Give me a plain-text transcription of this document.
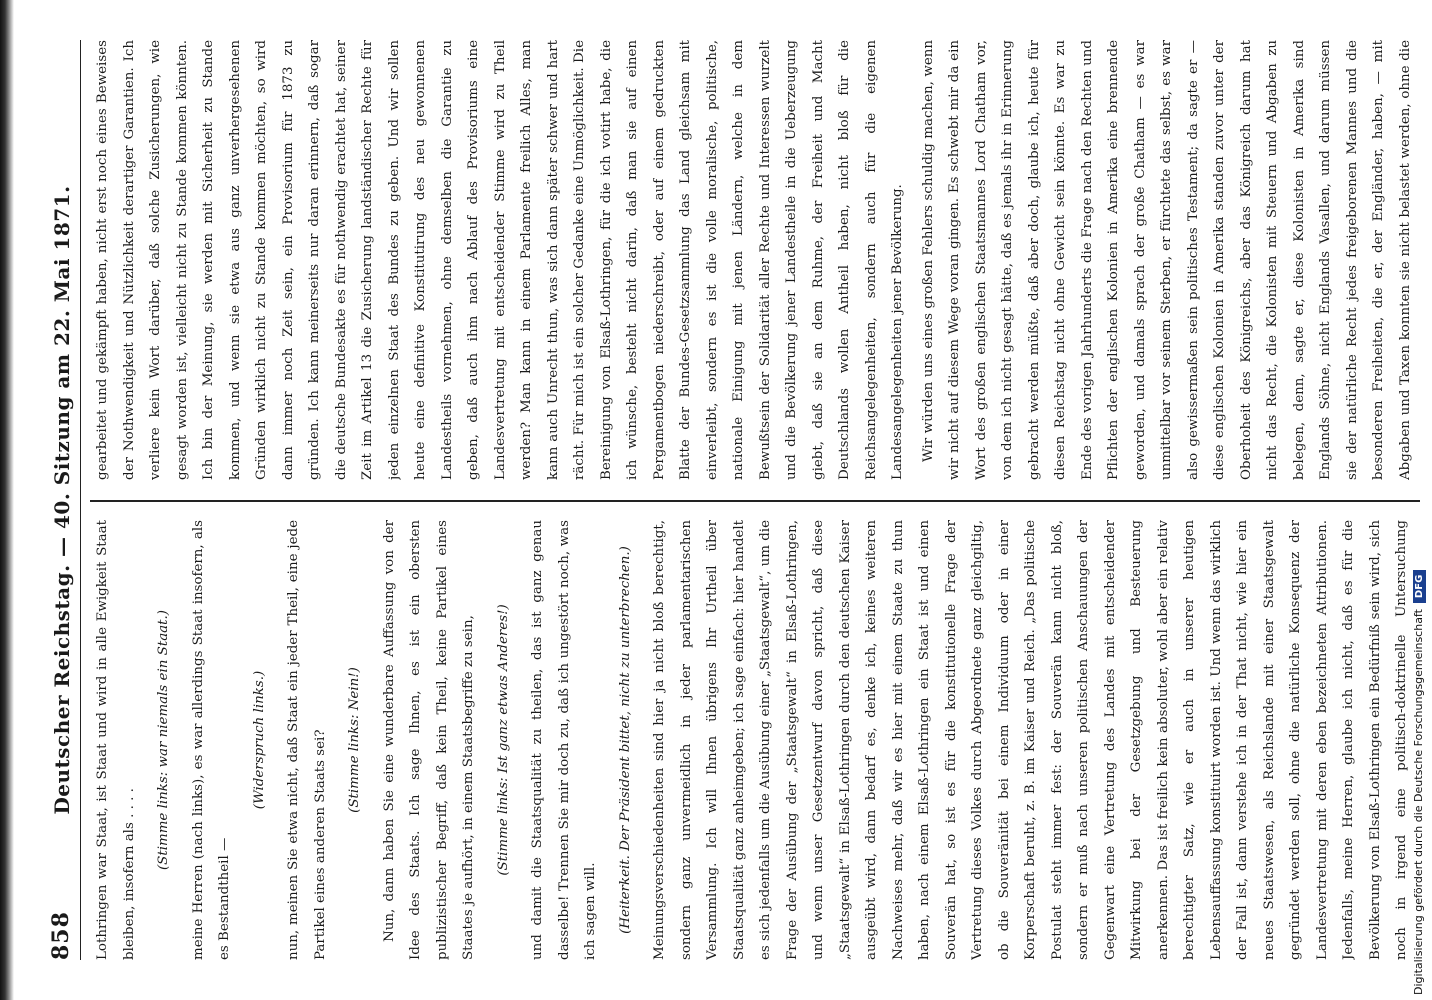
858
Deutscher Reichstag. — 40. Sitzung am 22. Mai 1871.	Lothringen war Staat, ist Staat und wird in alle Ewigkeit Staat bleiben, insofern als . . . .

(Stimme links: war niemals ein Staat.)	meine Herren (nach links), es war allerdings Staat insofern, als es Bestandtheil —

(Widerspruch links.)	nun, meinen Sie etwa nicht, daß Staat ein jeder Theil, eine jede Partikel eines anderen Staats sei?	(Stimme links: Nein!)	Nun, dann haben Sie eine wunderbare Auffassung von der Idee des Staats. Ich sage Ihnen, es ist ein obersten publizistischer Begriff, daß kein Theil, keine Partikel eines Staates je aufhört, in einem Staatsbegriffe zu sein,	(Stimme links: Ist ganz etwas Anderes!)	und damit die Staatsqualität zu theilen, das ist ganz genau dasselbe! Trennen Sie mir doch zu, daß ich ungestört noch, was ich sagen will.	(Heiterkeit. Der Präsident bittet, nicht zu unterbrechen.)	Meinungsverschiedenheiten sind hier ja nicht bloß berechtigt, sondern ganz unvermeidlich in jeder parlamentarischen Versammlung. Ich will Ihnen übrigens Ihr Urtheil über Staatsqualität ganz anheimgeben; ich sage einfach: hier handelt es sich jedenfalls um die Ausübung einer „Staatsgewalt“, um die Frage der Ausübung der „Staatsgewalt“ in Elsaß-Lothringen, und wenn unser Gesetzentwurf davon spricht, daß diese „Staatsgewalt“ in Elsaß-Lothringen durch den deutschen Kaiser ausgeübt wird, dann bedarf es, denke ich, keines weiteren Nachweises mehr, daß wir es hier mit einem Staate zu thun haben, nach einem Elsaß-Lothringen ein Staat ist und einen Souverän hat, so ist es für die konstitutionelle Frage der Vertretung dieses Volkes durch Abgeordnete ganz gleichgiltig, ob die Souveränität bei einem Individuum oder in einer Korperschaft beruht, z. B. im Kaiser und Reich. „Das politische Postulat steht immer fest: der Souverän kann nicht bloß, sondern er muß nach unseren politischen Anschauungen der Gegenwart eine Vertretung des Landes mit entscheidender Mitwirkung bei der Gesetzgebung und Besteuerung anerkennen. Das ist freilich kein absoluter, wohl aber ein relativ berechtigter Satz, wie er auch in unserer heutigen Lebensauffassung konstituirt worden ist. Und wenn das wirklich der Fall ist, dann verstehe ich in der That nicht, wie hier ein neues Staatswesen, als Reichslande mit einer Staatsgewalt gegründet werden soll, ohne die natürliche Konsequenz der Landesvertretung mit deren eben bezeichneten Attributionen. Jedenfalls, meine Herren, glaube ich nicht, daß es für die Bevölkerung von Elsaß-Lothringen ein Bedürfniß sein wird, sich noch in irgend eine politisch-doktrinelle Untersuchung

gearbeitet und gekämpft haben, nicht erst noch eines Beweises der Nothwendigkeit und Nützlichkeit derartiger Garantien. Ich verliere kein Wort darüber, daß solche Zusicherungen, wie gesagt worden ist, vielleicht nicht zu Stande kommen könnten. Ich bin der Meinung, sie werden mit Sicherheit zu Stande kommen, und wenn sie etwa aus ganz unverhergesehenen Gründen wirklich nicht zu Stande kommen möchten, so wird dann immer noch Zeit sein, ein Provisorium für 1873 zu gründen. Ich kann meinerseits nur daran erinnern, daß sogar die deutsche Bundesakte es für nothwendig erachtet hat, seiner Zeit im Artikel 13 die Zusicherung landständischer Rechte für jeden einzelnen Staat des Bundes zu geben. Und wir sollen heute eine definitive Konstitutirung des neu gewonnenen Landestheils vornehmen, ohne demselben die Garantie zu geben, daß auch ihm nach Ablauf des Provisoriums eine Landesvertretung mit entscheidender Stimme wird zu Theil werden? Man kann in einem Parlamente freilich Alles, man kann auch Unrecht thun, was sich dann später schwer und hart rächt. Für mich ist ein solcher Gedanke eine Unmöglichkeit. Die Bereinigung von Elsaß-Lothringen, für die ich votirt habe, die ich wünsche, besteht nicht darin, daß man sie auf einen Pergamentbogen niederschreibt, oder auf einem gedruckten Blatte der Bundes-Gesetzsammlung das Land gleichsam mit einverleibt, sondern es ist die volle moralische, politische, nationale Einigung mit jenen Ländern, welche in dem Bewußtsein der Solidarität aller Rechte und Interessen wurzelt und die Bevölkerung jener Landestheile in die Ueberzeugung giebt, daß sie an dem Ruhme, der Freiheit und Macht Deutschlands wollen Antheil haben, nicht bloß für die Reichsangelegenheiten, sondern auch für die eigenen Landesangelegenheiten jener Bevölkerung.	Wir würden uns eines großen Fehlers schuldig machen, wenn wir nicht auf diesem Wege voran gingen. Es schwebt mir da ein Wort des großen englischen Staatsmannes Lord Chatham vor, von dem ich nicht gesagt hätte, daß es jemals ihr in Erinnerung gebracht werden müßte, daß aber doch, glaube ich, heute für diesen Reichstag nicht ohne Gewicht sein könnte. Es war zu Ende des vorigen Jahrhunderts die Frage nach den Rechten und Pflichten der englischen Kolonien in Amerika eine brennende geworden, und damals sprach der große Chatham — es war unmittelbar vor seinem Sterben, er fürchtete das selbst, es war also gewissermaßen sein politisches Testament; da sagte er — diese englischen Kolonien in Amerika standen zuvor unter der Oberhoheit des Königreichs, aber das Königreich darum hat nicht das Recht, die Kolonisten mit Steuern und Abgaben zu belegen, denn, sagte er, diese Kolonisten in Amerika sind Englands Söhne, nicht Englands Vasallen, und darum müssen sie der natürliche Recht jedes freigeborenen Mannes und die besonderen Freiheiten, die er, der Engländer, haben, — mit Abgaben und Taxen konnten sie nicht belastet werden, ohne die

Digitalisierung gefördert durch die Deutsche ForschungsgemeinschaftDFG
